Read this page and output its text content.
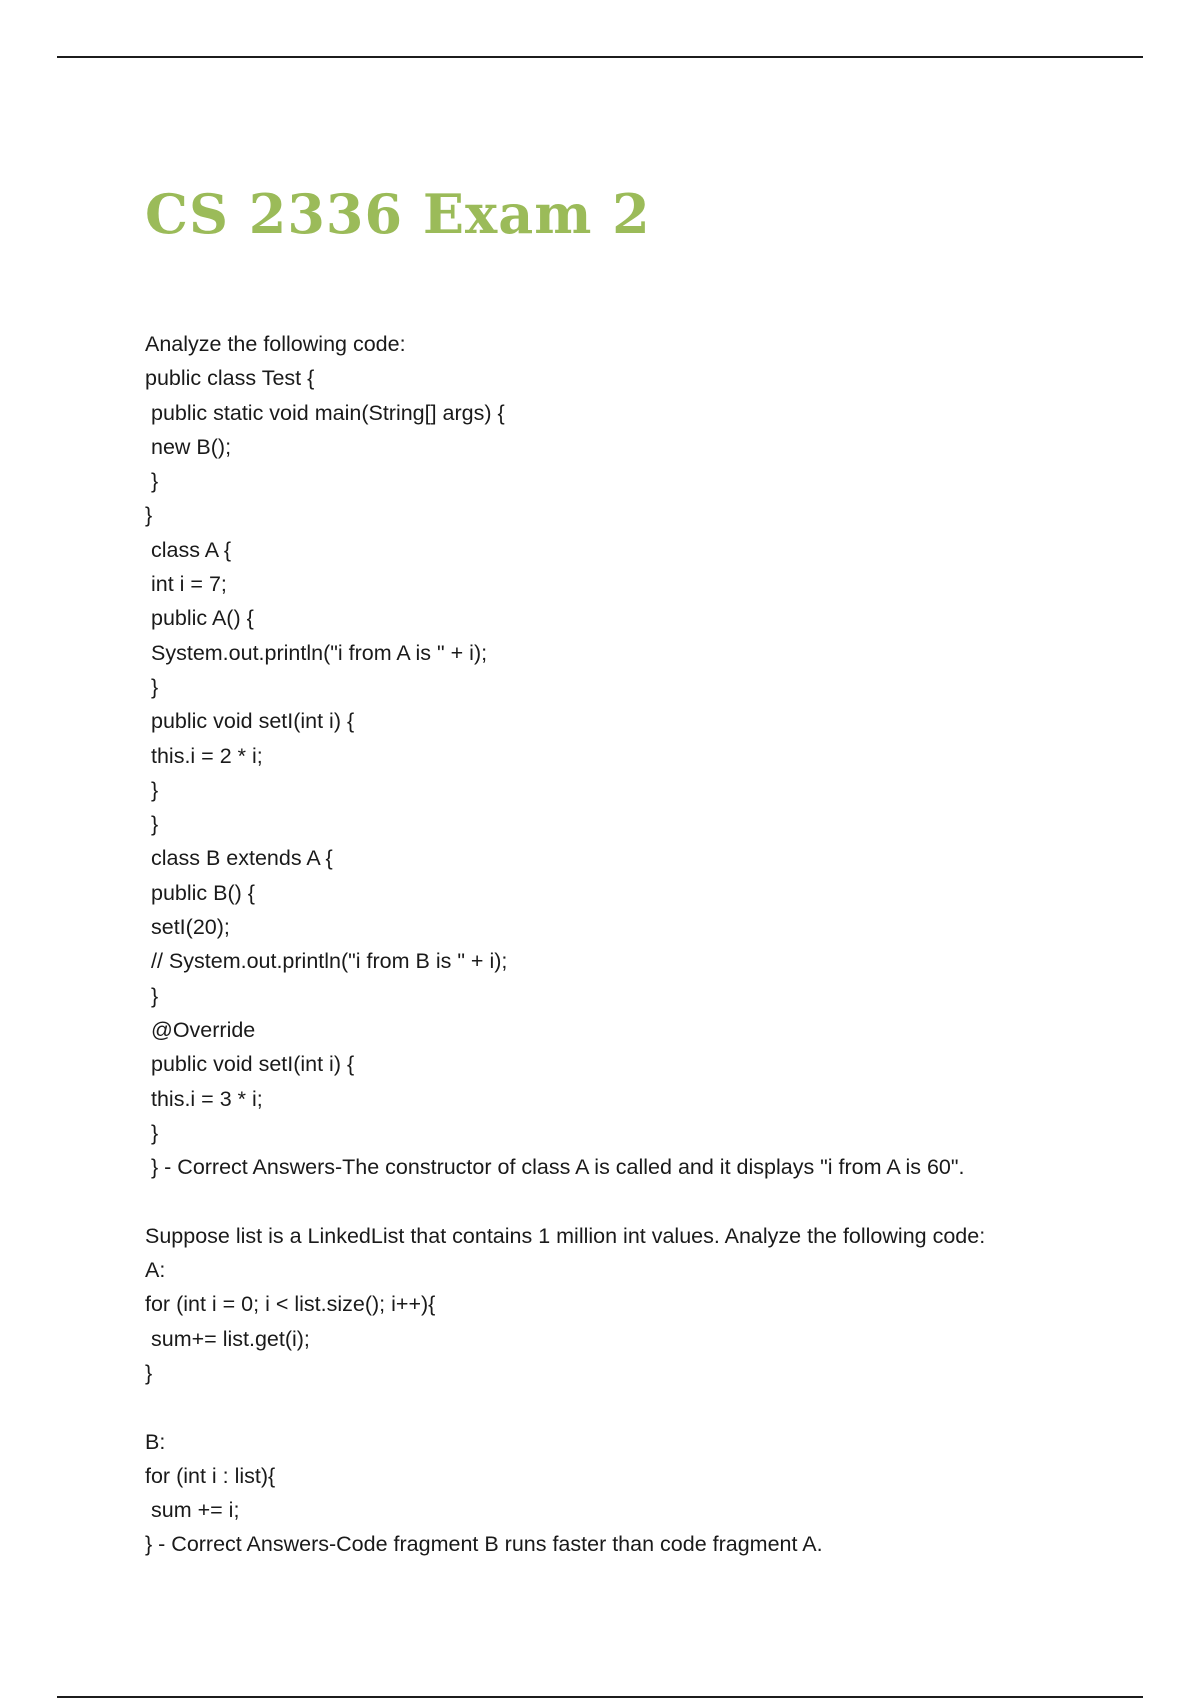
CS 2336 Exam 2
Analyze the following code:
public class Test {
public static void main(String[] args) {
new B();
}
}
class A {
int i = 7;
public A() {
System.out.println("i from A is " + i);
}
public void setI(int i) {
this.i = 2 * i;
}
}
class B extends A {
public B() {
setI(20);
// System.out.println("i from B is " + i);
}
@Override
public void setI(int i) {
this.i = 3 * i;
}
} - Correct Answers-The constructor of class A is called and it displays "i from A is 60".
Suppose list is a LinkedList that contains 1 million int values. Analyze the following code:
A:
for (int i = 0; i < list.size(); i++){
sum+= list.get(i);
}
B:
for (int i : list){
sum += i;
} - Correct Answers-Code fragment B runs faster than code fragment A.
